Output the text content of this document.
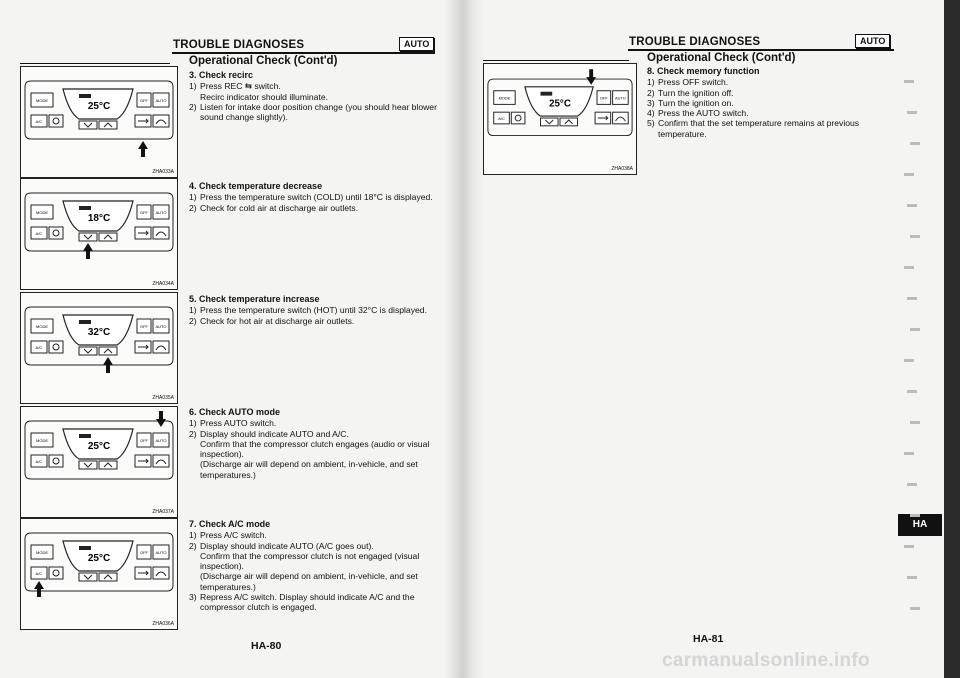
TROUBLE DIAGNOSES	AUTO
Operational Check (Cont'd)
3. Check recirc
1) Press REC ⇆ switch.
Recirc indicator should illuminate.
2) Listen for intake door position change (you should hear blower sound change slightly).
4. Check temperature decrease
1) Press the temperature switch (COLD) until 18°C is displayed.
2) Check for cold air at discharge air outlets.
5. Check temperature increase
1) Press the temperature switch (HOT) until 32°C is displayed.
2) Check for hot air at discharge air outlets.
6. Check AUTO mode
1) Press AUTO switch.
2) Display should indicate AUTO and A/C.
Confirm that the compressor clutch engages (audio or visual inspection).
(Discharge air will depend on ambient, in-vehicle, and set temperatures.)
7. Check A/C mode
1) Press A/C switch.
2) Display should indicate AUTO (A/C goes out).
Confirm that the compressor clutch is not engaged (visual inspection).
(Discharge air will depend on ambient, in-vehicle, and set temperatures.)
3) Repress A/C switch. Display should indicate A/C and the compressor clutch is engaged.
25°C
MODE	OFF AUTO
A/C
ZHA033A
18°C
MODE	OFF AUTO
A/C
ZHA034A
32°C
MODE	OFF AUTO
A/C
ZHA035A
25°C
MODE	OFF AUTO
A/C
ZHA037A
25°C
MODE	OFF AUTO
A/C
ZHA036A
HA-80
TROUBLE DIAGNOSES	AUTO
Operational Check (Cont'd)
8. Check memory function
1) Press OFF switch.
2) Turn the ignition off.
3) Turn the ignition on.
4) Press the AUTO switch.
5) Confirm that the set temperature remains at previous temperature.
25°C
MODE	OFF AUTO
A/C
ZHA038A
HA-81
HA
carmanualsonline.info
